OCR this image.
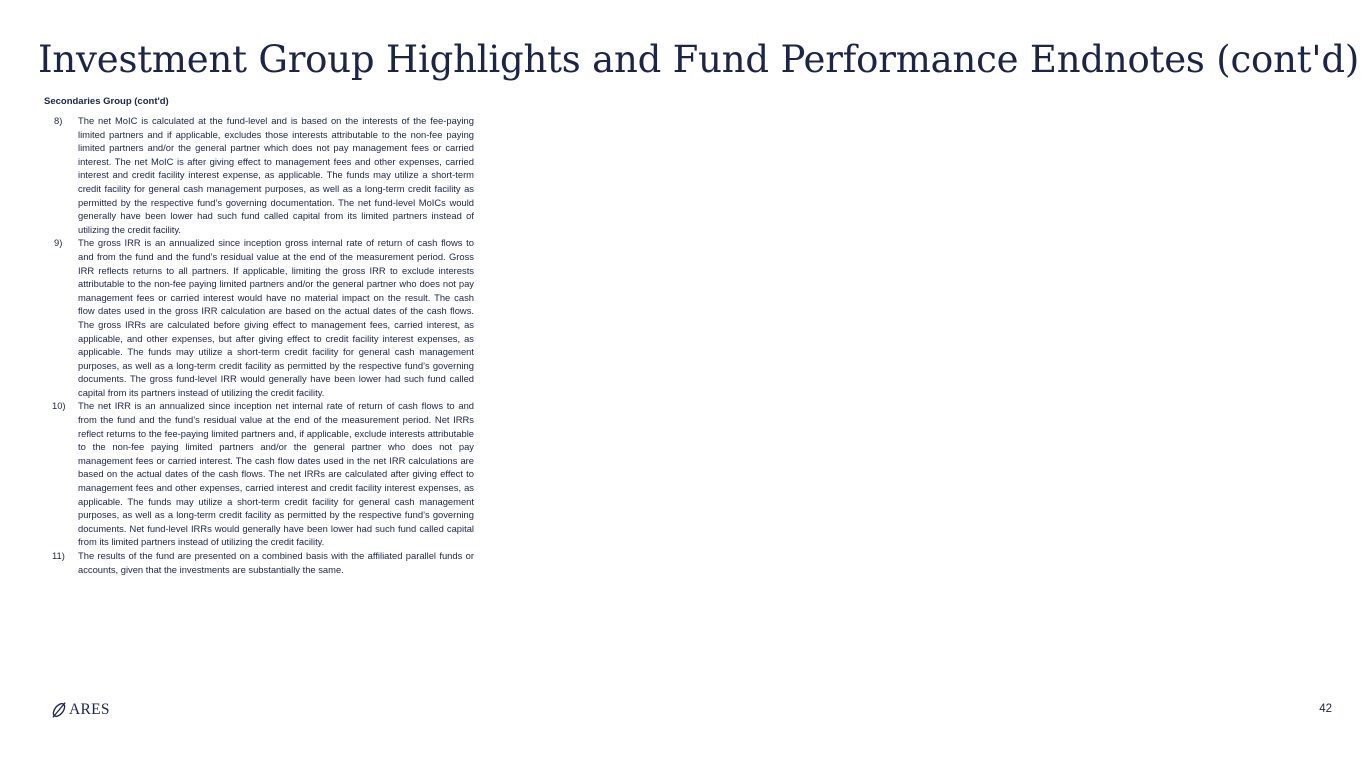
Investment Group Highlights and Fund Performance Endnotes (cont'd)
Secondaries Group (cont'd)
8)	The net MoIC is calculated at the fund-level and is based on the interests of the fee-paying limited partners and if applicable, excludes those interests attributable to the non-fee paying limited partners and/or the general partner which does not pay management fees or carried interest. The net MoIC is after giving effect to management fees and other expenses, carried interest and credit facility interest expense, as applicable. The funds may utilize a short-term credit facility for general cash management purposes, as well as a long-term credit facility as permitted by the respective fund’s governing documentation. The net fund-level MoICs would generally have been lower had such fund called capital from its limited partners instead of utilizing the credit facility.
9)	The gross IRR is an annualized since inception gross internal rate of return of cash flows to and from the fund and the fund’s residual value at the end of the measurement period. Gross IRR reflects returns to all partners. If applicable, limiting the gross IRR to exclude interests attributable to the non-fee paying limited partners and/or the general partner who does not pay management fees or carried interest would have no material impact on the result. The cash flow dates used in the gross IRR calculation are based on the actual dates of the cash flows. The gross IRRs are calculated before giving effect to management fees, carried interest, as applicable, and other expenses, but after giving effect to credit facility interest expenses, as applicable. The funds may utilize a short-term credit facility for general cash management purposes, as well as a long-term credit facility as permitted by the respective fund’s governing documents. The gross fund-level IRR would generally have been lower had such fund called capital from its partners instead of utilizing the credit facility.
10)	The net IRR is an annualized since inception net internal rate of return of cash flows to and from the fund and the fund’s residual value at the end of the measurement period. Net IRRs reflect returns to the fee-paying limited partners and, if applicable, exclude interests attributable to the non-fee paying limited partners and/or the general partner who does not pay management fees or carried interest. The cash flow dates used in the net IRR calculations are based on the actual dates of the cash flows. The net IRRs are calculated after giving effect to management fees and other expenses, carried interest and credit facility interest expenses, as applicable. The funds may utilize a short-term credit facility for general cash management purposes, as well as a long-term credit facility as permitted by the respective fund’s governing documents. Net fund-level IRRs would generally have been lower had such fund called capital from its limited partners instead of utilizing the credit facility.
11)	The results of the fund are presented on a combined basis with the affiliated parallel funds or accounts, given that the investments are substantially the same.
ARES	42
